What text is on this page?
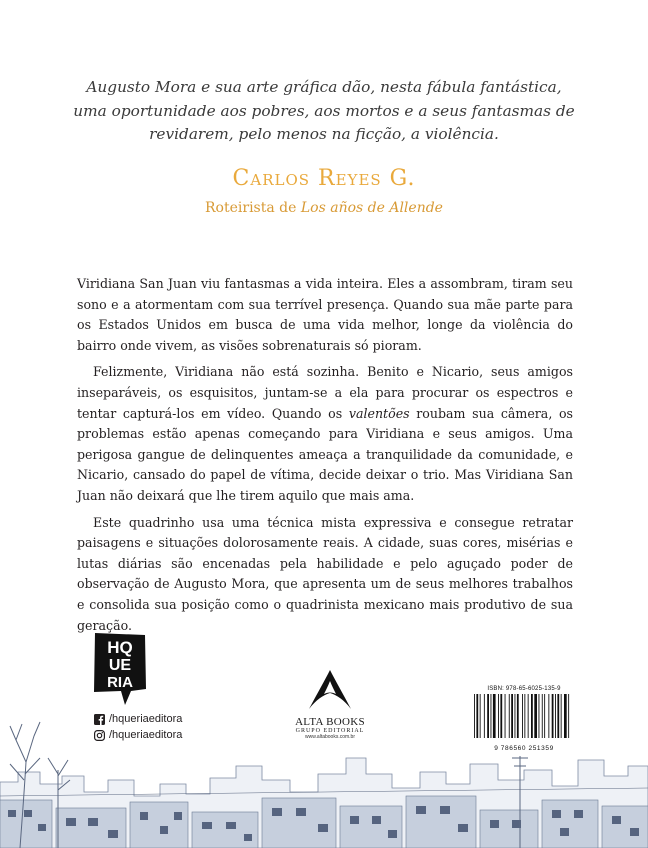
Augusto Mora e sua arte gráfica dão, nesta fábula fantástica,
uma oportunidade aos pobres, aos mortos e a seus fantasmas de
revidarem, pelo menos na ficção, a violência.
Carlos Reyes G.
Roteirista de Los años de Allende

Viridiana San Juan viu fantasmas a vida inteira. Eles a assombram, tiram seu sono e a atormentam com sua terrível presença. Quando sua mãe parte para os Estados Unidos em busca de uma vida melhor, longe da violência do bairro onde vivem, as visões sobrenaturais só pioram.

Felizmente, Viridiana não está sozinha. Benito e Nicario, seus amigos inseparáveis, os esquisitos, juntam-se a ela para procurar os espectros e tentar capturá-los em vídeo. Quando os valentões roubam sua câmera, os problemas estão apenas começando para Viridiana e seus amigos. Uma perigosa gangue de delinquentes ameaça a tranquilidade da comunidade, e Nicario, cansado do papel de vítima, decide deixar o trio. Mas Viridiana San Juan não deixará que lhe tirem aquilo que mais ama.

Este quadrinho usa uma técnica mista expressiva e consegue retratar paisagens e situações dolorosamente reais. A cidade, suas cores, misérias e lutas diárias são encenadas pela habilidade e pelo aguçado poder de observação de Augusto Mora, que apresenta um de seus melhores trabalhos e consolida sua posição como o quadrinista mexicano mais produtivo de sua geração.

HQ
UE
RIA
/hqueriaeditora
/hqueriaeditora
ALTA BOOKS
GRUPO EDITORIAL
www.altabooks.com.br
ISBN: 978-65-6025-135-9
9 786560 251359
